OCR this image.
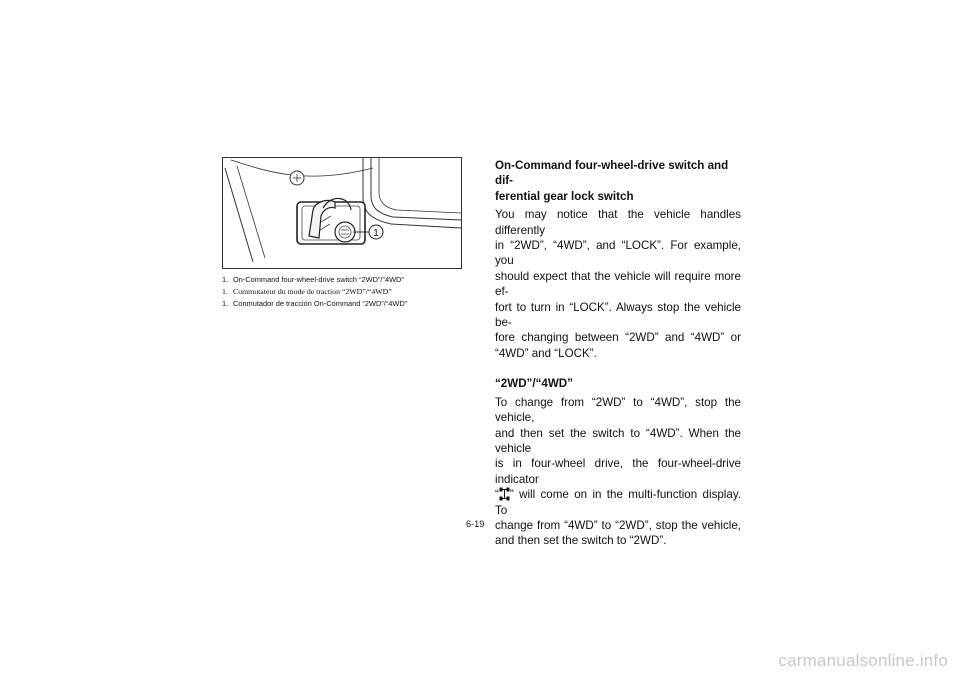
1
1. On-Command four-wheel-drive switch “2WD”/“4WD”
1. Commutateur du mode de traction “2WD”/“4WD”
1. Conmutador de tracción On-Command “2WD”/“4WD”
On-Command four-wheel-drive switch and dif-
ferential gear lock switch
You may notice that the vehicle handles differently
in “2WD”, “4WD”, and “LOCK”. For example, you
should expect that the vehicle will require more ef-
fort to turn in “LOCK”. Always stop the vehicle be-
fore changing between “2WD” and “4WD” or
“4WD” and “LOCK”.
“2WD”/“4WD”
To change from “2WD” to “4WD”, stop the vehicle,
and then set the switch to “4WD”. When the vehicle
is in four-wheel drive, the four-wheel-drive indicator
“ ” will come on in the multi-function display. To
change from “4WD” to “2WD”, stop the vehicle,
and then set the switch to “2WD”.
6-19
carmanualsonline.info
